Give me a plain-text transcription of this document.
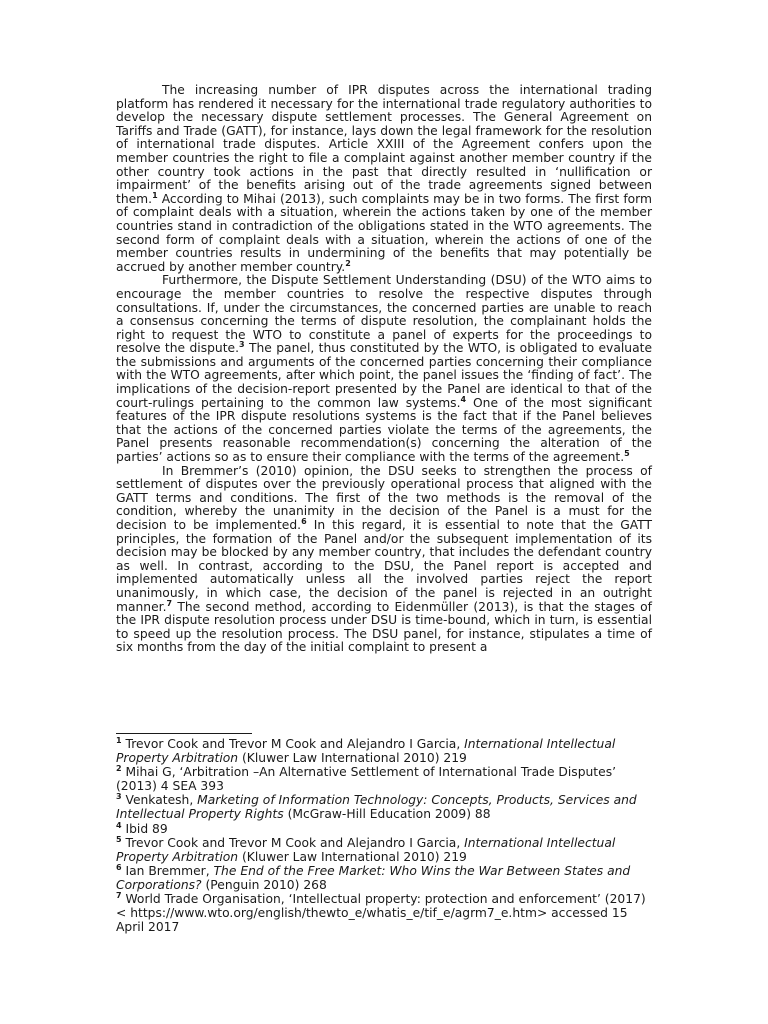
The increasing number of IPR disputes across the international trading platform has rendered it necessary for the international trade regulatory authorities to develop the necessary dispute settlement processes. The General Agreement on Tariffs and Trade (GATT), for instance, lays down the legal framework for the resolution of international trade disputes. Article XXIII of the Agreement confers upon the member countries the right to file a complaint against another member country if the other country took actions in the past that directly resulted in ‘nullification or impairment’ of the benefits arising out of the trade agreements signed between them.$^1$ According to Mihai (2013), such complaints may be in two forms. The first form of complaint deals with a situation, wherein the actions taken by one of the member countries stand in contradiction of the obligations stated in the WTO agreements. The second form of complaint deals with a situation, wherein the actions of one of the member countries results in undermining of the benefits that may potentially be accrued by another member country.$^2$

Furthermore, the Dispute Settlement Understanding (DSU) of the WTO aims to encourage the member countries to resolve the respective disputes through consultations. If, under the circumstances, the concerned parties are unable to reach a consensus concerning the terms of dispute resolution, the complainant holds the right to request the WTO to constitute a panel of experts for the proceedings to resolve the dispute.$^3$ The panel, thus constituted by the WTO, is obligated to evaluate the submissions and arguments of the concerned parties concerning their compliance with the WTO agreements, after which point, the panel issues the ‘finding of fact’. The implications of the decision-report presented by the Panel are identical to that of the court-rulings pertaining to the common law systems.$^4$ One of the most significant features of the IPR dispute resolutions systems is the fact that if the Panel believes that the actions of the concerned parties violate the terms of the agreements, the Panel presents reasonable recommendation(s) concerning the alteration of the parties’ actions so as to ensure their compliance with the terms of the agreement.$^5$

In Bremmer’s (2010) opinion, the DSU seeks to strengthen the process of settlement of disputes over the previously operational process that aligned with the GATT terms and conditions. The first of the two methods is the removal of the condition, whereby the unanimity in the decision of the Panel is a must for the decision to be implemented.$^6$ In this regard, it is essential to note that the GATT principles, the formation of the Panel and/or the subsequent implementation of its decision may be blocked by any member country, that includes the defendant country as well. In contrast, according to the DSU, the Panel report is accepted and implemented automatically unless all the involved parties reject the report unanimously, in which case, the decision of the panel is rejected in an outright manner.$^7$ The second method, according to Eidenmüller (2013), is that the stages of the IPR dispute resolution process under DSU is time-bound, which in turn, is essential to speed up the resolution process. The DSU panel, for instance, stipulates a time of six months from the day of the initial complaint to present a

$^1$ Trevor Cook and Trevor M Cook and Alejandro I Garcia, International Intellectual Property Arbitration (Kluwer Law International 2010) 219

$^2$ Mihai G, ‘Arbitration –An Alternative Settlement of International Trade Disputes’ (2013) 4 SEA 393

$^3$ Venkatesh, Marketing of Information Technology: Concepts, Products, Services and Intellectual Property Rights (McGraw-Hill Education 2009) 88

$^4$ Ibid 89

$^5$ Trevor Cook and Trevor M Cook and Alejandro I Garcia, International Intellectual Property Arbitration (Kluwer Law International 2010) 219

$^6$ Ian Bremmer, The End of the Free Market: Who Wins the War Between States and Corporations? (Penguin 2010) 268

$^7$ World Trade Organisation, ‘Intellectual property: protection and enforcement’ (2017) < https://www.wto.org/english/thewto_e/whatis_e/tif_e/agrm7_e.htm> accessed 15 April 2017
